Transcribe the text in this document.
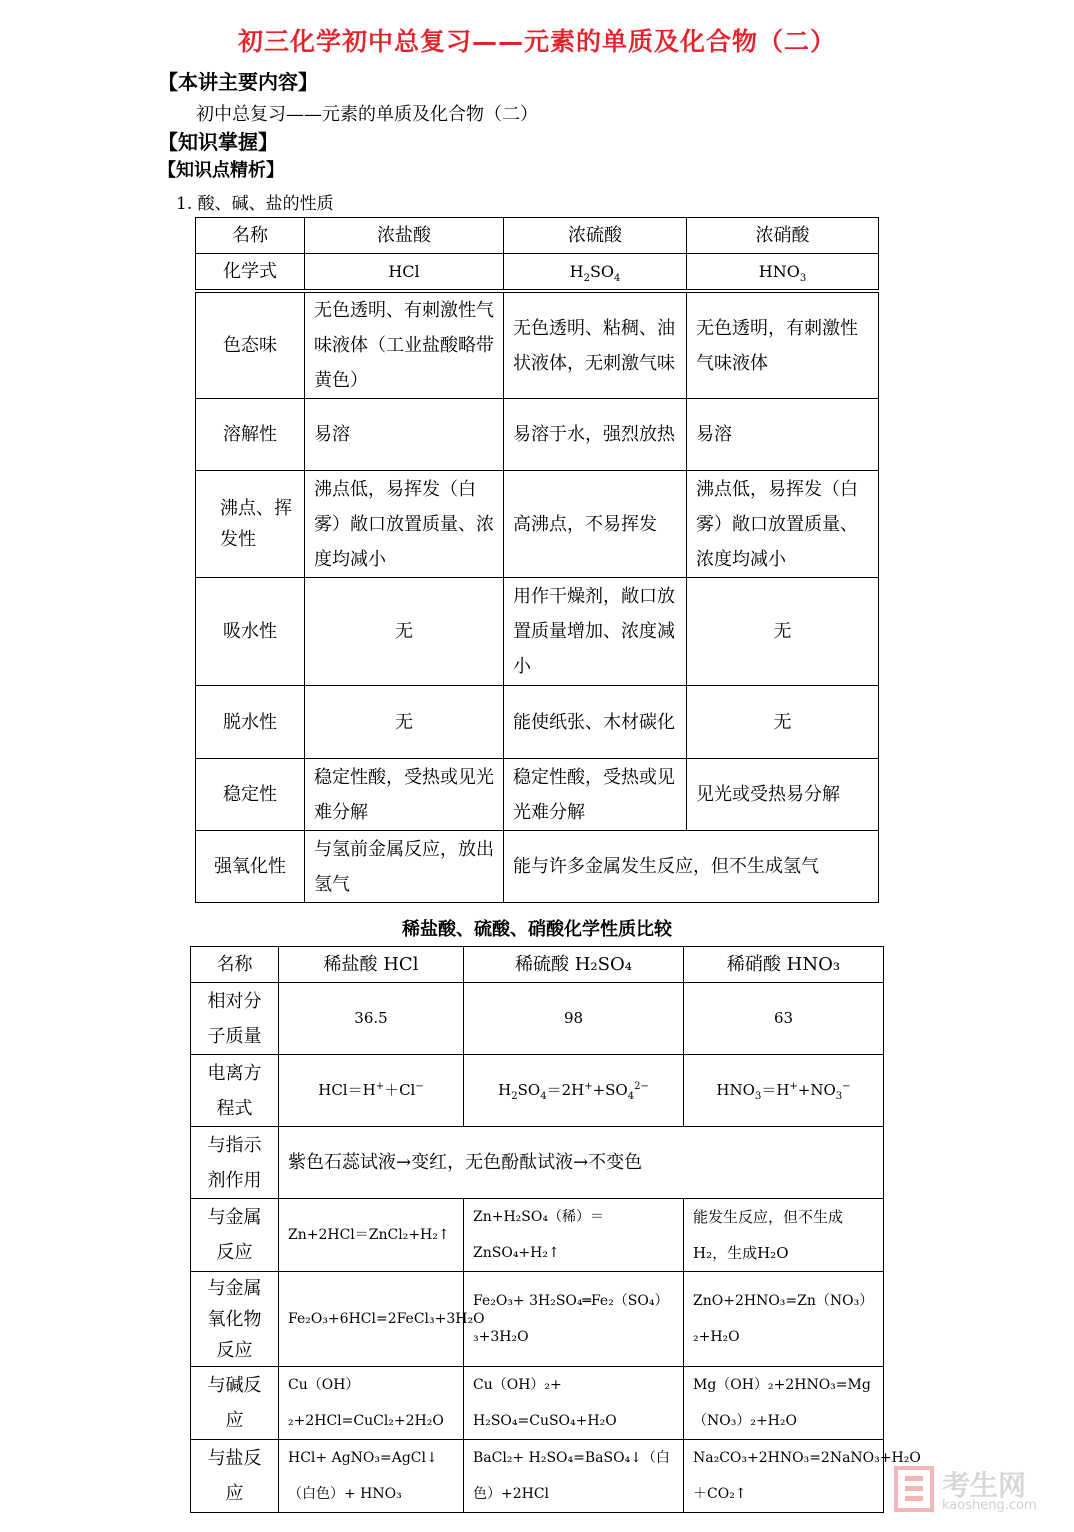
初三化学初中总复习——元素的单质及化合物（二）
【本讲主要内容】
初中总复习——元素的单质及化合物（二）
【知识掌握】
【知识点精析】
1. 酸、碱、盐的性质
名称	浓盐酸	浓硫酸	浓硝酸
化学式	HCl	$H_2SO_4$	$HNO_3$

色态味	无色透明、有刺激性气味液体（工业盐酸略带黄色）	无色透明、粘稠、油状液体，无刺激气味	无色透明，有刺激性气味液体
溶解性	易溶	易溶于水，强烈放热	易溶
沸点、挥发性	沸点低，易挥发（白雾）敞口放置质量、浓度均减小	高沸点，不易挥发	沸点低，易挥发（白雾）敞口放置质量、浓度均减小
吸水性	无	用作干燥剂，敞口放置质量增加、浓度减小	无
脱水性	无	能使纸张、木材碳化	无
稳定性	稳定性酸，受热或见光难分解	稳定性酸，受热或见光难分解	见光或受热易分解
强氧化性	与氢前金属反应，放出氢气	能与许多金属发生反应，但不生成氢气	
稀盐酸、硫酸、硝酸化学性质比较
名称	稀盐酸 HCl	稀硫酸 H₂SO₄	稀硝酸 HNO₃
相对分子质量	36.5	98	63
电离方程式	HCl＝H+＋Cl−	$H_2SO_4=2H^++SO_4^{2-}$	$HNO_3=H^++NO_3^-$
与指示剂作用	紫色石蕊试液→变红，无色酚酞试液→不变色		
与金属反应	Zn+2HCl＝ZnCl₂+H₂↑	Zn+H₂SO₄（稀）＝ZnSO₄+H₂↑	能发生反应，但不生成H₂，生成H₂O
与金属氧化物反应	Fe₂O₃+6HCl=2FeCl₃+3H₂O	Fe₂O₃+ 3H₂SO₄═Fe₂（SO₄）₃+3H₂O	ZnO+2HNO₃=Zn（NO₃）₂+H₂O
与碱反应	Cu（OH）₂+2HCl=CuCl₂+2H₂O	Cu（OH）₂+ H₂SO₄=CuSO₄+H₂O	Mg（OH）₂+2HNO₃=Mg（NO₃）₂+H₂O
与盐反应	HCl+ AgNO₃=AgCl↓（白色）+ HNO₃	BaCl₂+ H₂SO₄=BaSO₄↓（白色）+2HCl	Na₂CO₃+2HNO₃=2NaNO₃+H₂O＋CO₂↑	考生网
kaosheng.com
